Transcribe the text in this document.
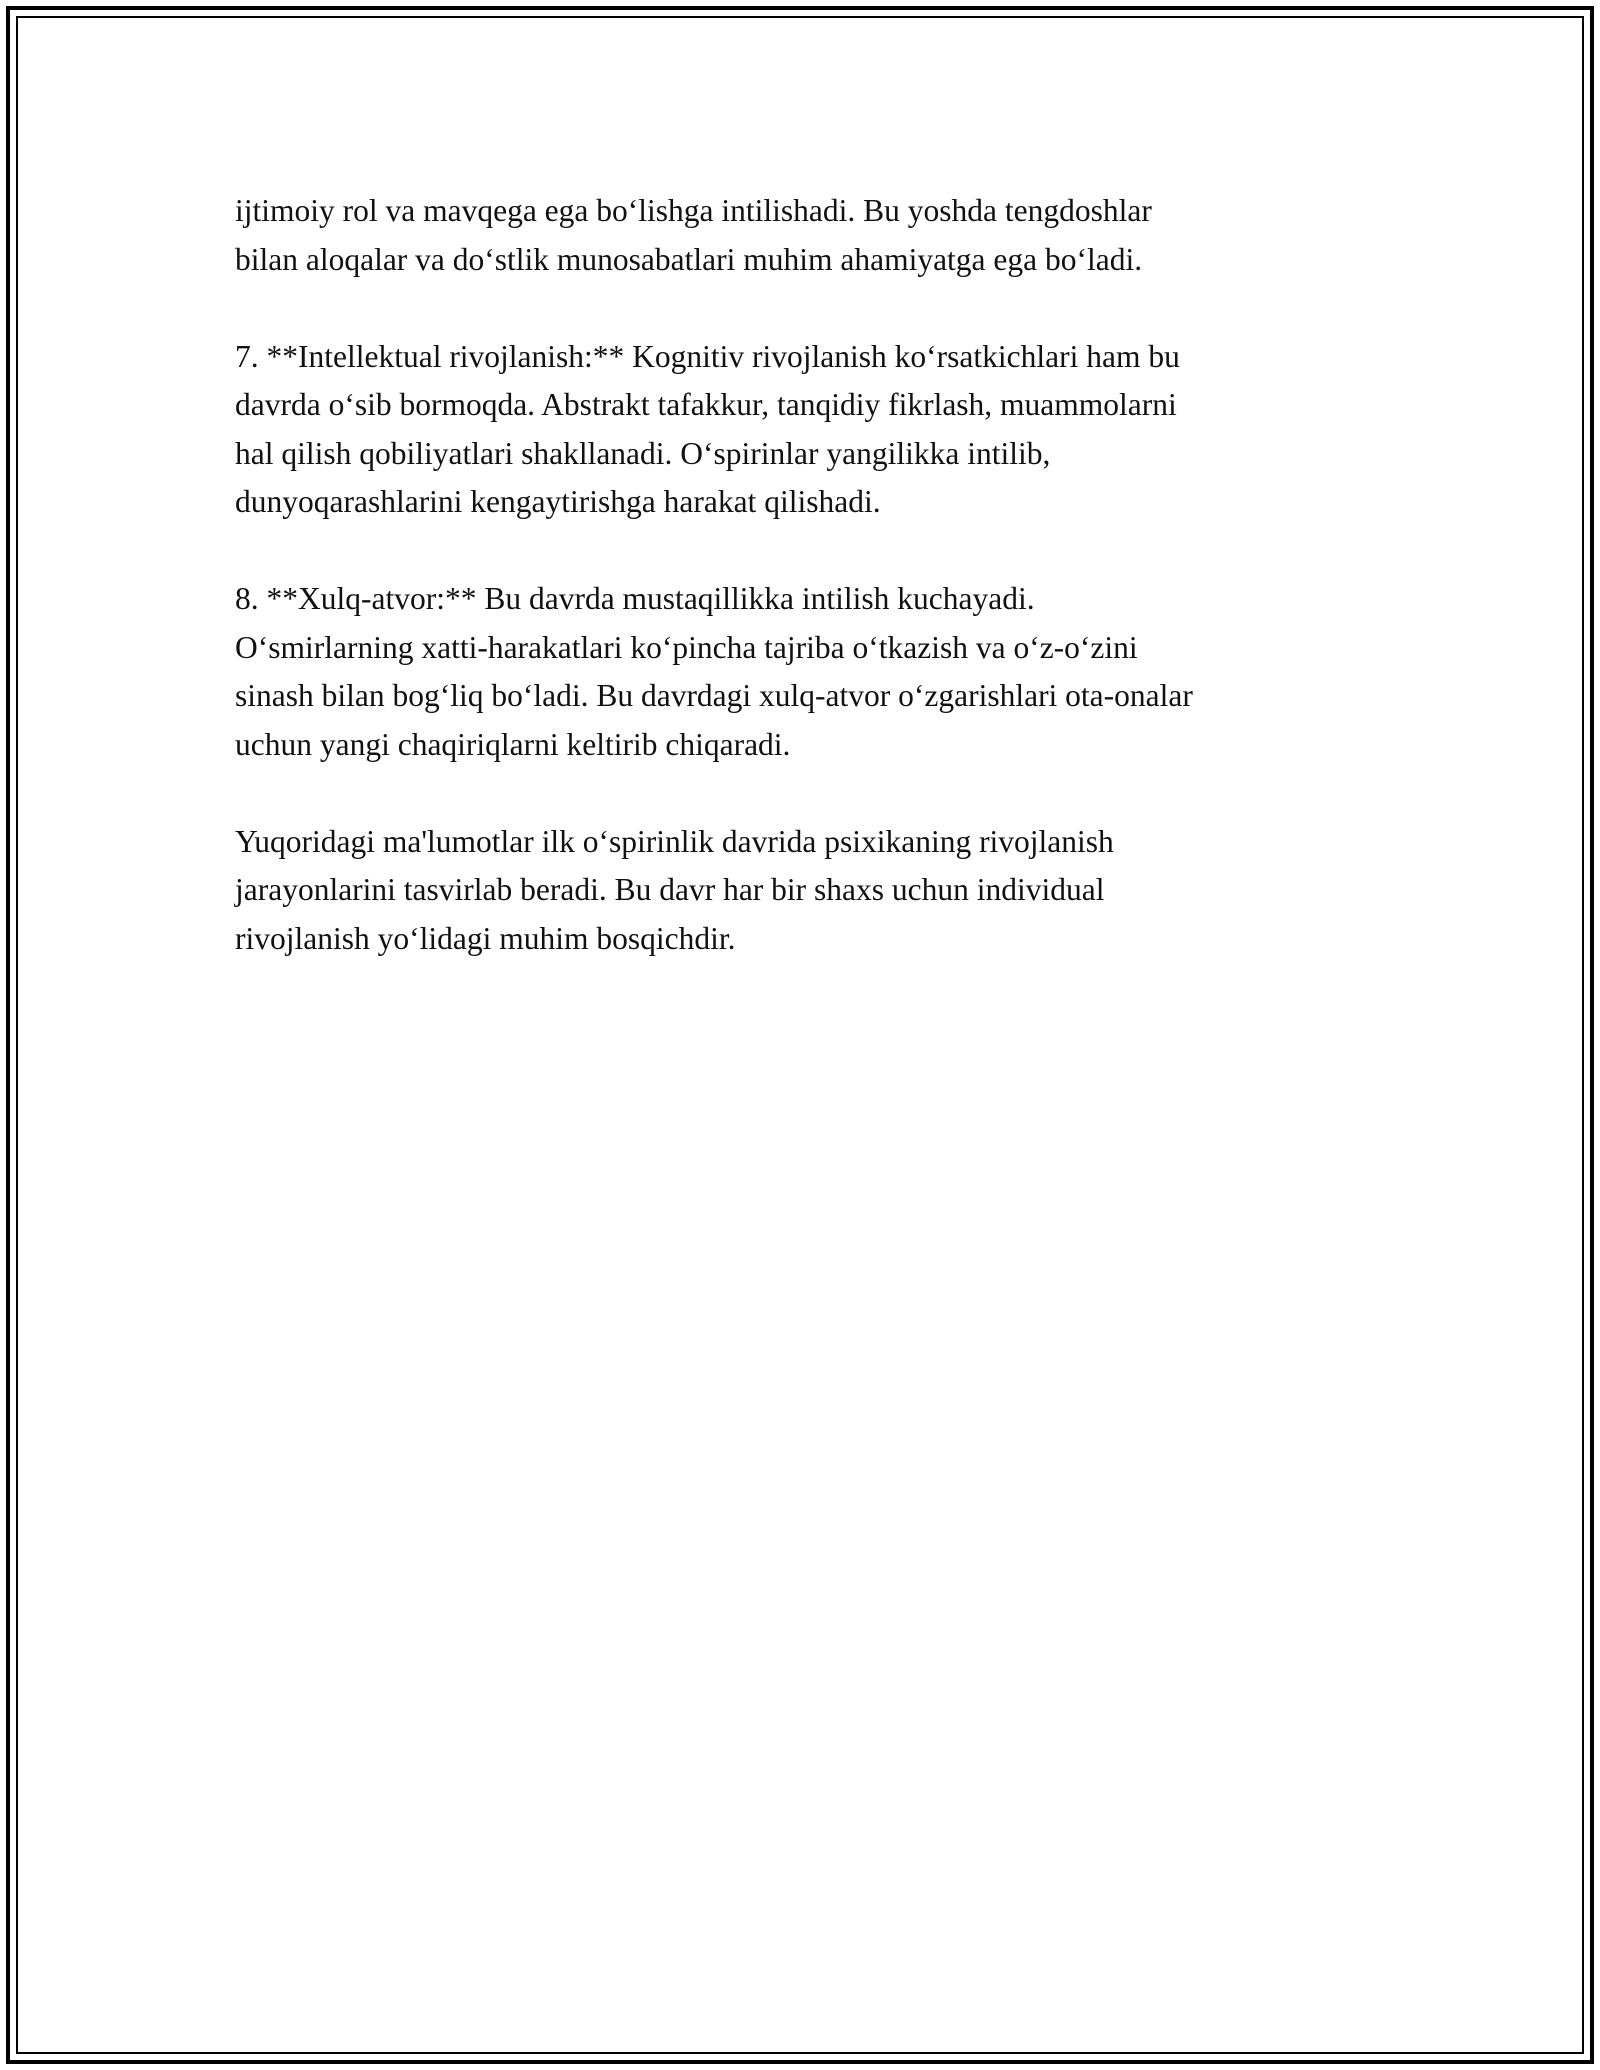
ijtimoiy rol va mavqega ega bo‘lishga intilishadi. Bu yoshda tengdoshlar
bilan aloqalar va do‘stlik munosabatlari muhim ahamiyatga ega bo‘ladi.

7. **Intellektual rivojlanish:** Kognitiv rivojlanish ko‘rsatkichlari ham bu
davrda o‘sib bormoqda. Abstrakt tafakkur, tanqidiy fikrlash, muammolarni
hal qilish qobiliyatlari shakllanadi. O‘spirinlar yangilikka intilib,
dunyoqarashlarini kengaytirishga harakat qilishadi.

8. **Xulq-atvor:** Bu davrda mustaqillikka intilish kuchayadi.
O‘smirlarning xatti-harakatlari ko‘pincha tajriba o‘tkazish va o‘z-o‘zini
sinash bilan bog‘liq bo‘ladi. Bu davrdagi xulq-atvor o‘zgarishlari ota-onalar
uchun yangi chaqiriqlarni keltirib chiqaradi.

Yuqoridagi ma'lumotlar ilk o‘spirinlik davrida psixikaning rivojlanish
jarayonlarini tasvirlab beradi. Bu davr har bir shaxs uchun individual
rivojlanish yo‘lidagi muhim bosqichdir.
